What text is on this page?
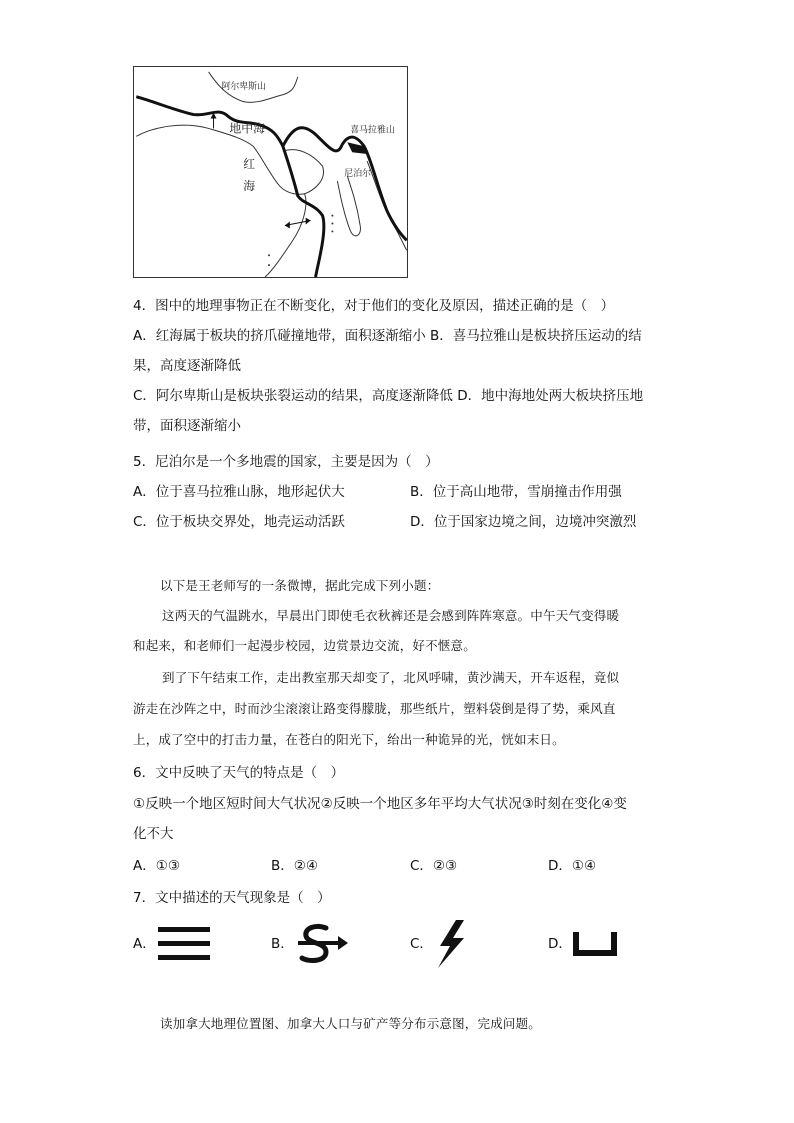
阿尔卑斯山
地中海
红
海
喜马拉雅山
尼泊尔
4．图中的地理事物正在不断变化，对于他们的变化及原因，描述正确的是（　）
A．红海属于板块的挤爪碰撞地带，面积逐渐缩小 B．喜马拉雅山是板块挤压运动的结
果，高度逐渐降低
C．阿尔卑斯山是板块张裂运动的结果，高度逐渐降低 D．地中海地处两大板块挤压地
带，面积逐渐缩小
5．尼泊尔是一个多地震的国家，主要是因为（　）
A．位于喜马拉雅山脉，地形起伏大	B．位于高山地带，雪崩撞击作用强
C．位于板块交界处，地壳运动活跃	D．位于国家边境之间，边境冲突激烈
以下是王老师写的一条微博，据此完成下列小题：
这两天的气温跳水，早晨出门即使毛衣秋裤还是会感到阵阵寒意。中午天气变得暖
和起来，和老师们一起漫步校园，边赏景边交流，好不惬意。
到了下午结束工作，走出教室那天却变了，北风呼啸，黄沙满天，开车返程，竟似
游走在沙阵之中，时而沙尘滚滚让路变得朦胧，那些纸片，塑料袋倒是得了势，乘风直
上，成了空中的打击力量，在苍白的阳光下，绐出一种诡异的光，恍如末日。
6．文中反映了天气的特点是（　）
①反映一个地区短时间大气状况②反映一个地区多年平均大气状况③时刻在变化④变
化不大
A．①③	B．②④	C．②③	D．①④
7．文中描述的天气现象是（　）
A．	B．	C．	D．
读加拿大地理位置图、加拿大人口与矿产等分布示意图，完成问题。
